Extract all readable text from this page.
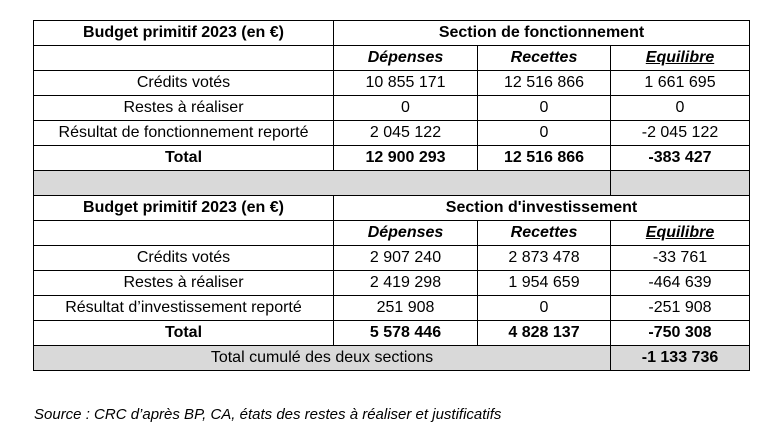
Budget primitif 2023 (en €)	Section de fonctionnement		
	Dépenses	Recettes	Equilibre
Crédits votés	10 855 171	12 516 866	1 661 695
Restes à réaliser	0	0	0
Résultat de fonctionnement reporté	2 045 122	0	-2 045 122
Total	12 900 293	12 516 866	-383 427

Budget primitif 2023 (en €)	Section d'investissement		
	Dépenses	Recettes	Equilibre
Crédits votés	2 907 240	2 873 478	-33 761
Restes à réaliser	2 419 298	1 954 659	-464 639
Résultat d’investissement reporté	251 908	0	-251 908
Total	5 578 446	4 828 137	-750 308
Total cumulé des deux sections			-1 133 736
Source : CRC d’après BP, CA, états des restes à réaliser et justificatifs
